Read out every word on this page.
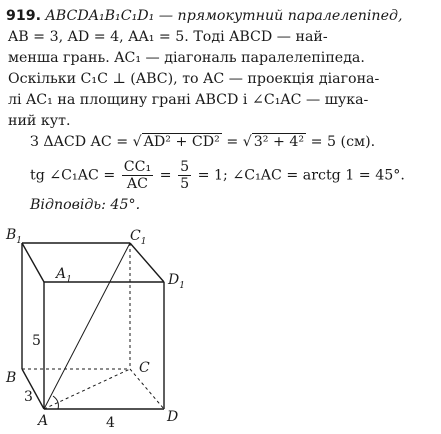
919. ABCDA₁B₁C₁D₁ — прямокутний паралелепіпед,
AB = 3, AD = 4, AA₁ = 5. Тоді ABCD — най-
менша грань. AC₁ — діагональ паралелепіпеда.
Оскільки C₁C ⊥ (ABC), то AC — проекція діагона-
лі AC₁ на площину грані ABCD і ∠C₁AC — шука-
ний кут.
З ΔACD AC = √ AD² + CD² = √ 3² + 4² = 5 (см).
tg ∠C₁AC = $\frac{\text{CC₁}}{AC} = \frac{5}{5} = 1$; ∠C₁AC = arctg 1 = 45°.
Відповідь: 45°.
$B_1$	$C_1$
$A_1$	$D_1$
B
C
A	D
5
3
4
